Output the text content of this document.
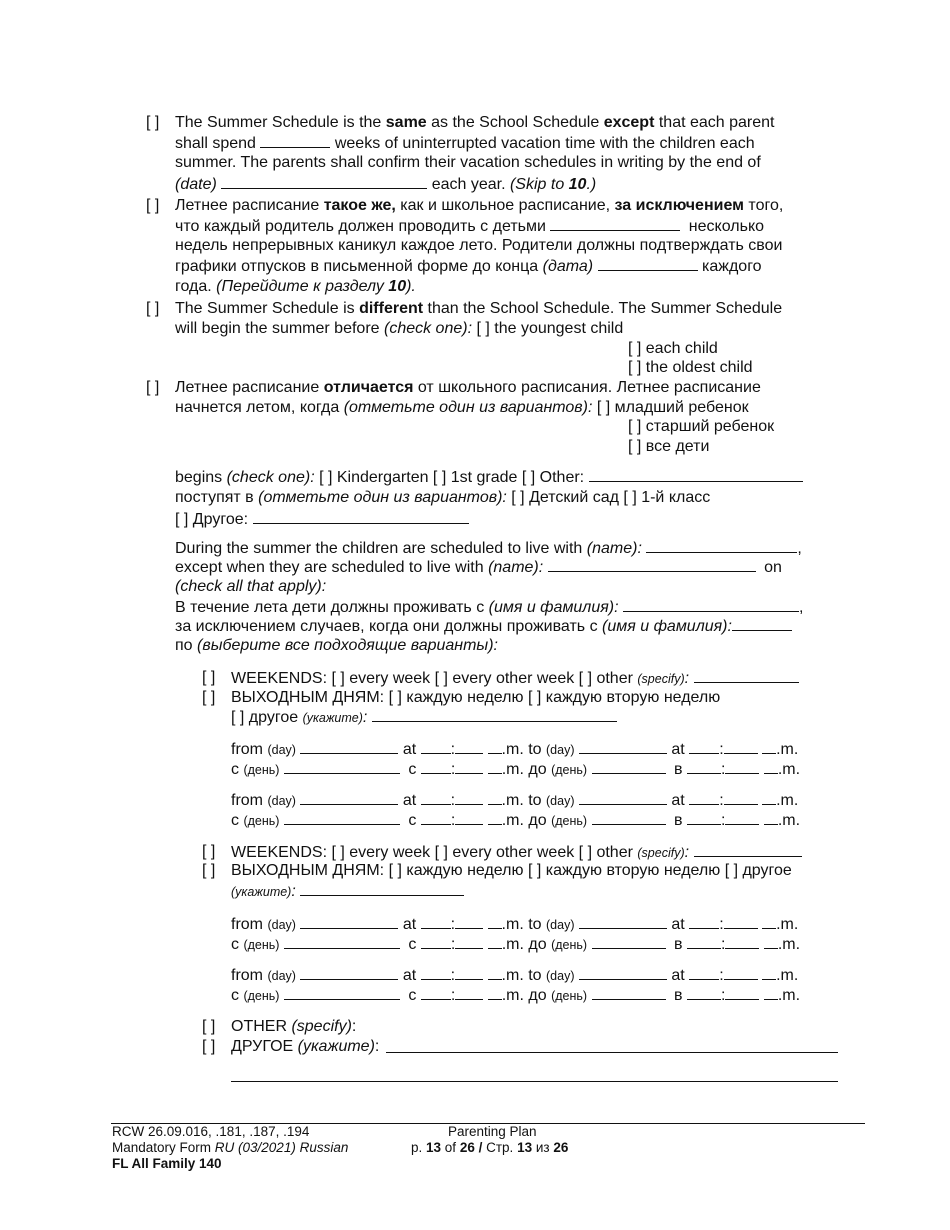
[ ] The Summer Schedule is the same as the School Schedule except that each parent
shall spend	weeks of uninterrupted vacation time with the children each
summer. The parents shall confirm their vacation schedules in writing by the end of
(date)	each year. (Skip to 10.)
[ ] Летнее расписание такое же, как и школьное расписание, за исключением того,
что каждый родитель должен проводить с детьми	несколько
недель непрерывных каникул каждое лето. Родители должны подтверждать свои
графики отпусков в письменной форме до конца (дата)	каждого
года. (Перейдите к разделу 10).
[ ] The Summer Schedule is different than the School Schedule. The Summer Schedule
will begin the summer before (check one): [ ] the youngest child
[ ] each child
[ ] the oldest child
[ ] Летнее расписание отличается от школьного расписания. Летнее расписание
начнется летом, когда (отметьте один из вариантов): [ ] младший ребенок
[ ] старший ребенок
[ ] все дети
begins (check one): [ ] Kindergarten [ ] 1st grade [ ] Other:
поступят в (отметьте один из вариантов): [ ] Детский сад [ ] 1-й класс
[ ] Другое:
During the summer the children are scheduled to live with (name):	,
except when they are scheduled to live with (name):	on
(check all that apply):
В течение лета дети должны проживать с (имя и фамилия):	,
за исключением случаев, когда они должны проживать с (имя и фамилия):
по (выберите все подходящие варианты):
[ ] WEEKENDS: [ ] every week [ ] every other week [ ] other (specify):
[ ] ВЫХОДНЫМ ДНЯМ: [ ] каждую неделю [ ] каждую вторую неделю
[ ] другое (укажите):
from (day)	at :	.m. to (day)	at :	.m.
с (день)	с :	.m. до (день)	в :	.m.
from (day)	at :	.m. to (day)	at :	.m.
с (день)	с :	.m. до (день)	в :	.m.
[ ] WEEKENDS: [ ] every week [ ] every other week [ ] other (specify):
[ ] ВЫХОДНЫМ ДНЯМ: [ ] каждую неделю [ ] каждую вторую неделю [ ] другое
(укажите):
from (day)	at :	.m. to (day)	at :	.m.
с (день)	с :	.m. до (день)	в :	.m.
from (day)	at :	.m. to (day)	at :	.m.
с (день)	с :	.m. до (день)	в :	.m.
[ ] OTHER (specify):
[ ] ДРУГОЕ (укажите):
RCW 26.09.016, .181, .187, .194
Mandatory Form RU (03/2021) Russian
FL All Family 140
Parenting Plan
p. 13 of 26 / Стр. 13 из 26
